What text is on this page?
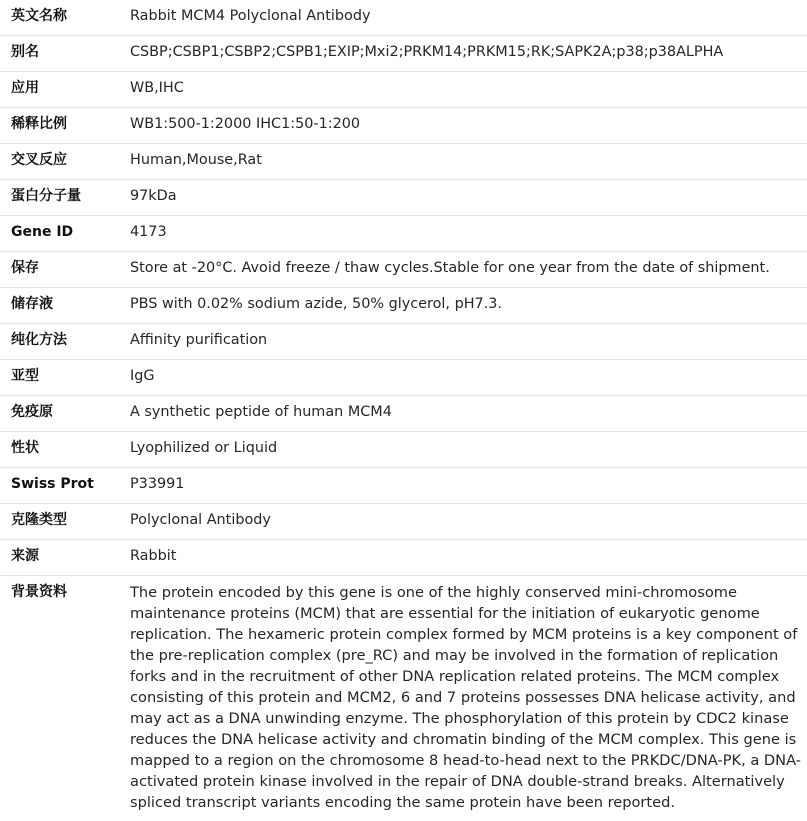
英文名称	Rabbit MCM4 Polyclonal Antibody
别名	CSBP;CSBP1;CSBP2;CSPB1;EXIP;Mxi2;PRKM14;PRKM15;RK;SAPK2A;p38;p38ALPHA
应用	WB,IHC
稀释比例	WB1:500-1:2000 IHC1:50-1:200
交叉反应	Human,Mouse,Rat
蛋白分子量	97kDa
Gene ID	4173
保存	Store at -20°C. Avoid freeze / thaw cycles.Stable for one year from the date of shipment.
储存液	PBS with 0.02% sodium azide, 50% glycerol, pH7.3.
纯化方法	Affinity purification
亚型	IgG
免疫原	A synthetic peptide of human MCM4
性状	Lyophilized or Liquid
Swiss Prot	P33991
克隆类型	Polyclonal Antibody
来源	Rabbit
背景资料	The protein encoded by this gene is one of the highly conserved mini-chromosome maintenance proteins (MCM) that are essential for the initiation of eukaryotic genome replication. The hexameric protein complex formed by MCM proteins is a key component of the pre-replication complex (pre_RC) and may be involved in the formation of replication forks and in the recruitment of other DNA replication related proteins. The MCM complex consisting of this protein and MCM2, 6 and 7 proteins possesses DNA helicase activity, and may act as a DNA unwinding enzyme. The phosphorylation of this protein by CDC2 kinase reduces the DNA helicase activity and chromatin binding of the MCM complex. This gene is mapped to a region on the chromosome 8 head-to-head next to the PRKDC/DNA-PK, a DNA-activated protein kinase involved in the repair of DNA double-strand breaks. Alternatively spliced transcript variants encoding the same protein have been reported.
